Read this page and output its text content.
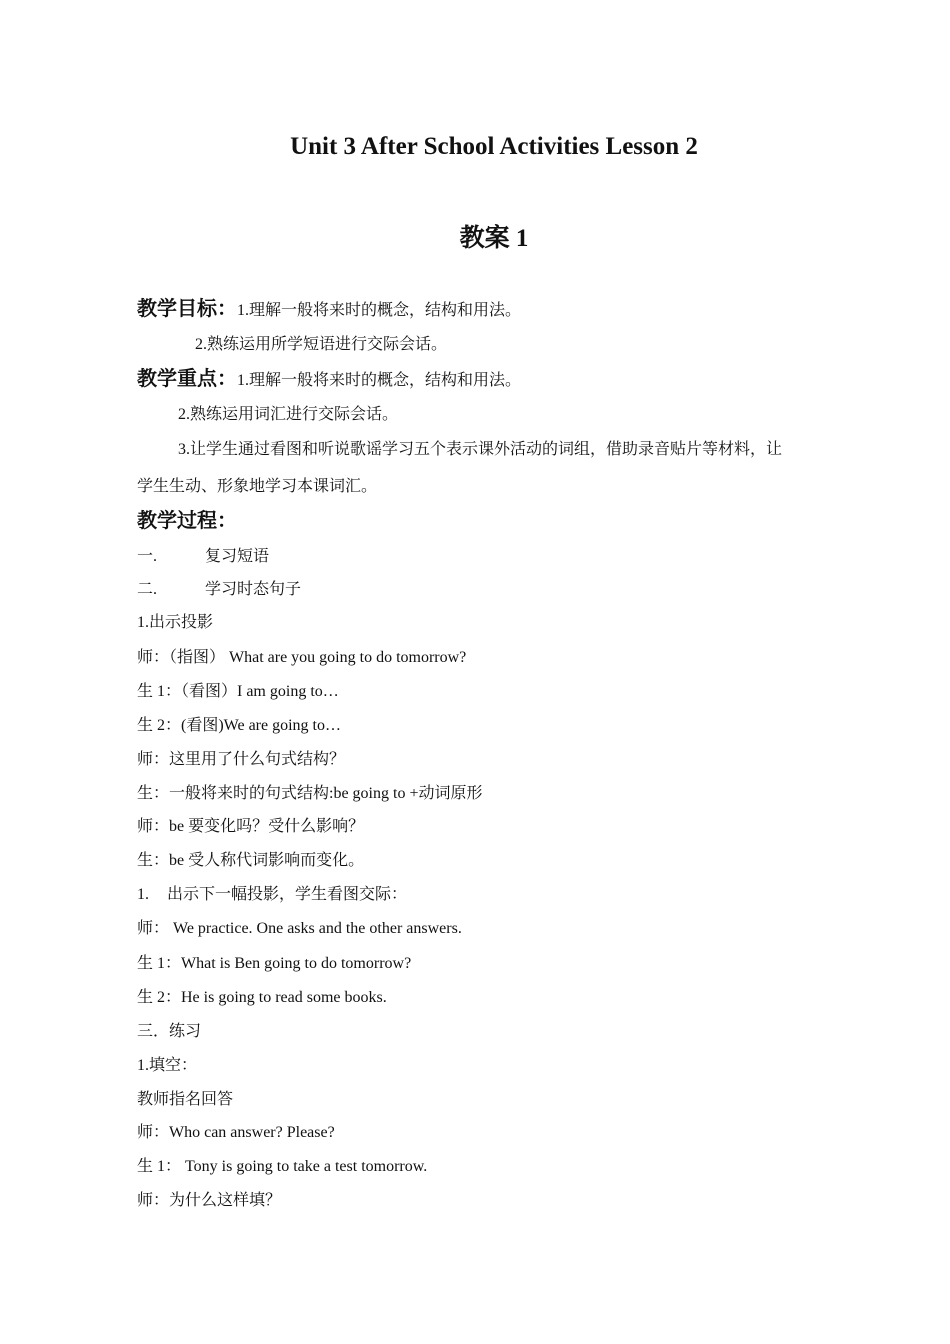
Unit 3 After School Activities Lesson 2
教案 1
教学目标：1.理解一般将来时的概念，结构和用法。
2.熟练运用所学短语进行交际会话。
教学重点：1.理解一般将来时的概念，结构和用法。
2.熟练运用词汇进行交际会话。
3.让学生通过看图和听说歌谣学习五个表示课外活动的词组，借助录音贴片等材料，让
学生生动、形象地学习本课词汇。
教学过程：
一.	复习短语
二.	学习时态句子
1.出示投影
师：（指图） What are you going to do tomorrow?
生 1：（看图）I am going to…
生 2：(看图)We are going to…
师：这里用了什么句式结构？
生：一般将来时的句式结构:be going to +动词原形
师：be 要变化吗？受什么影响？
生：be 受人称代词影响而变化。
1. 出示下一幅投影，学生看图交际：
师： We practice. One asks and the other answers.
生 1：What is Ben going to do tomorrow?
生 2：He is going to read some books.
三．练习
1.填空：
教师指名回答
师：Who can answer? Please?
生 1： Tony is going to take a test tomorrow.
师：为什么这样填？
